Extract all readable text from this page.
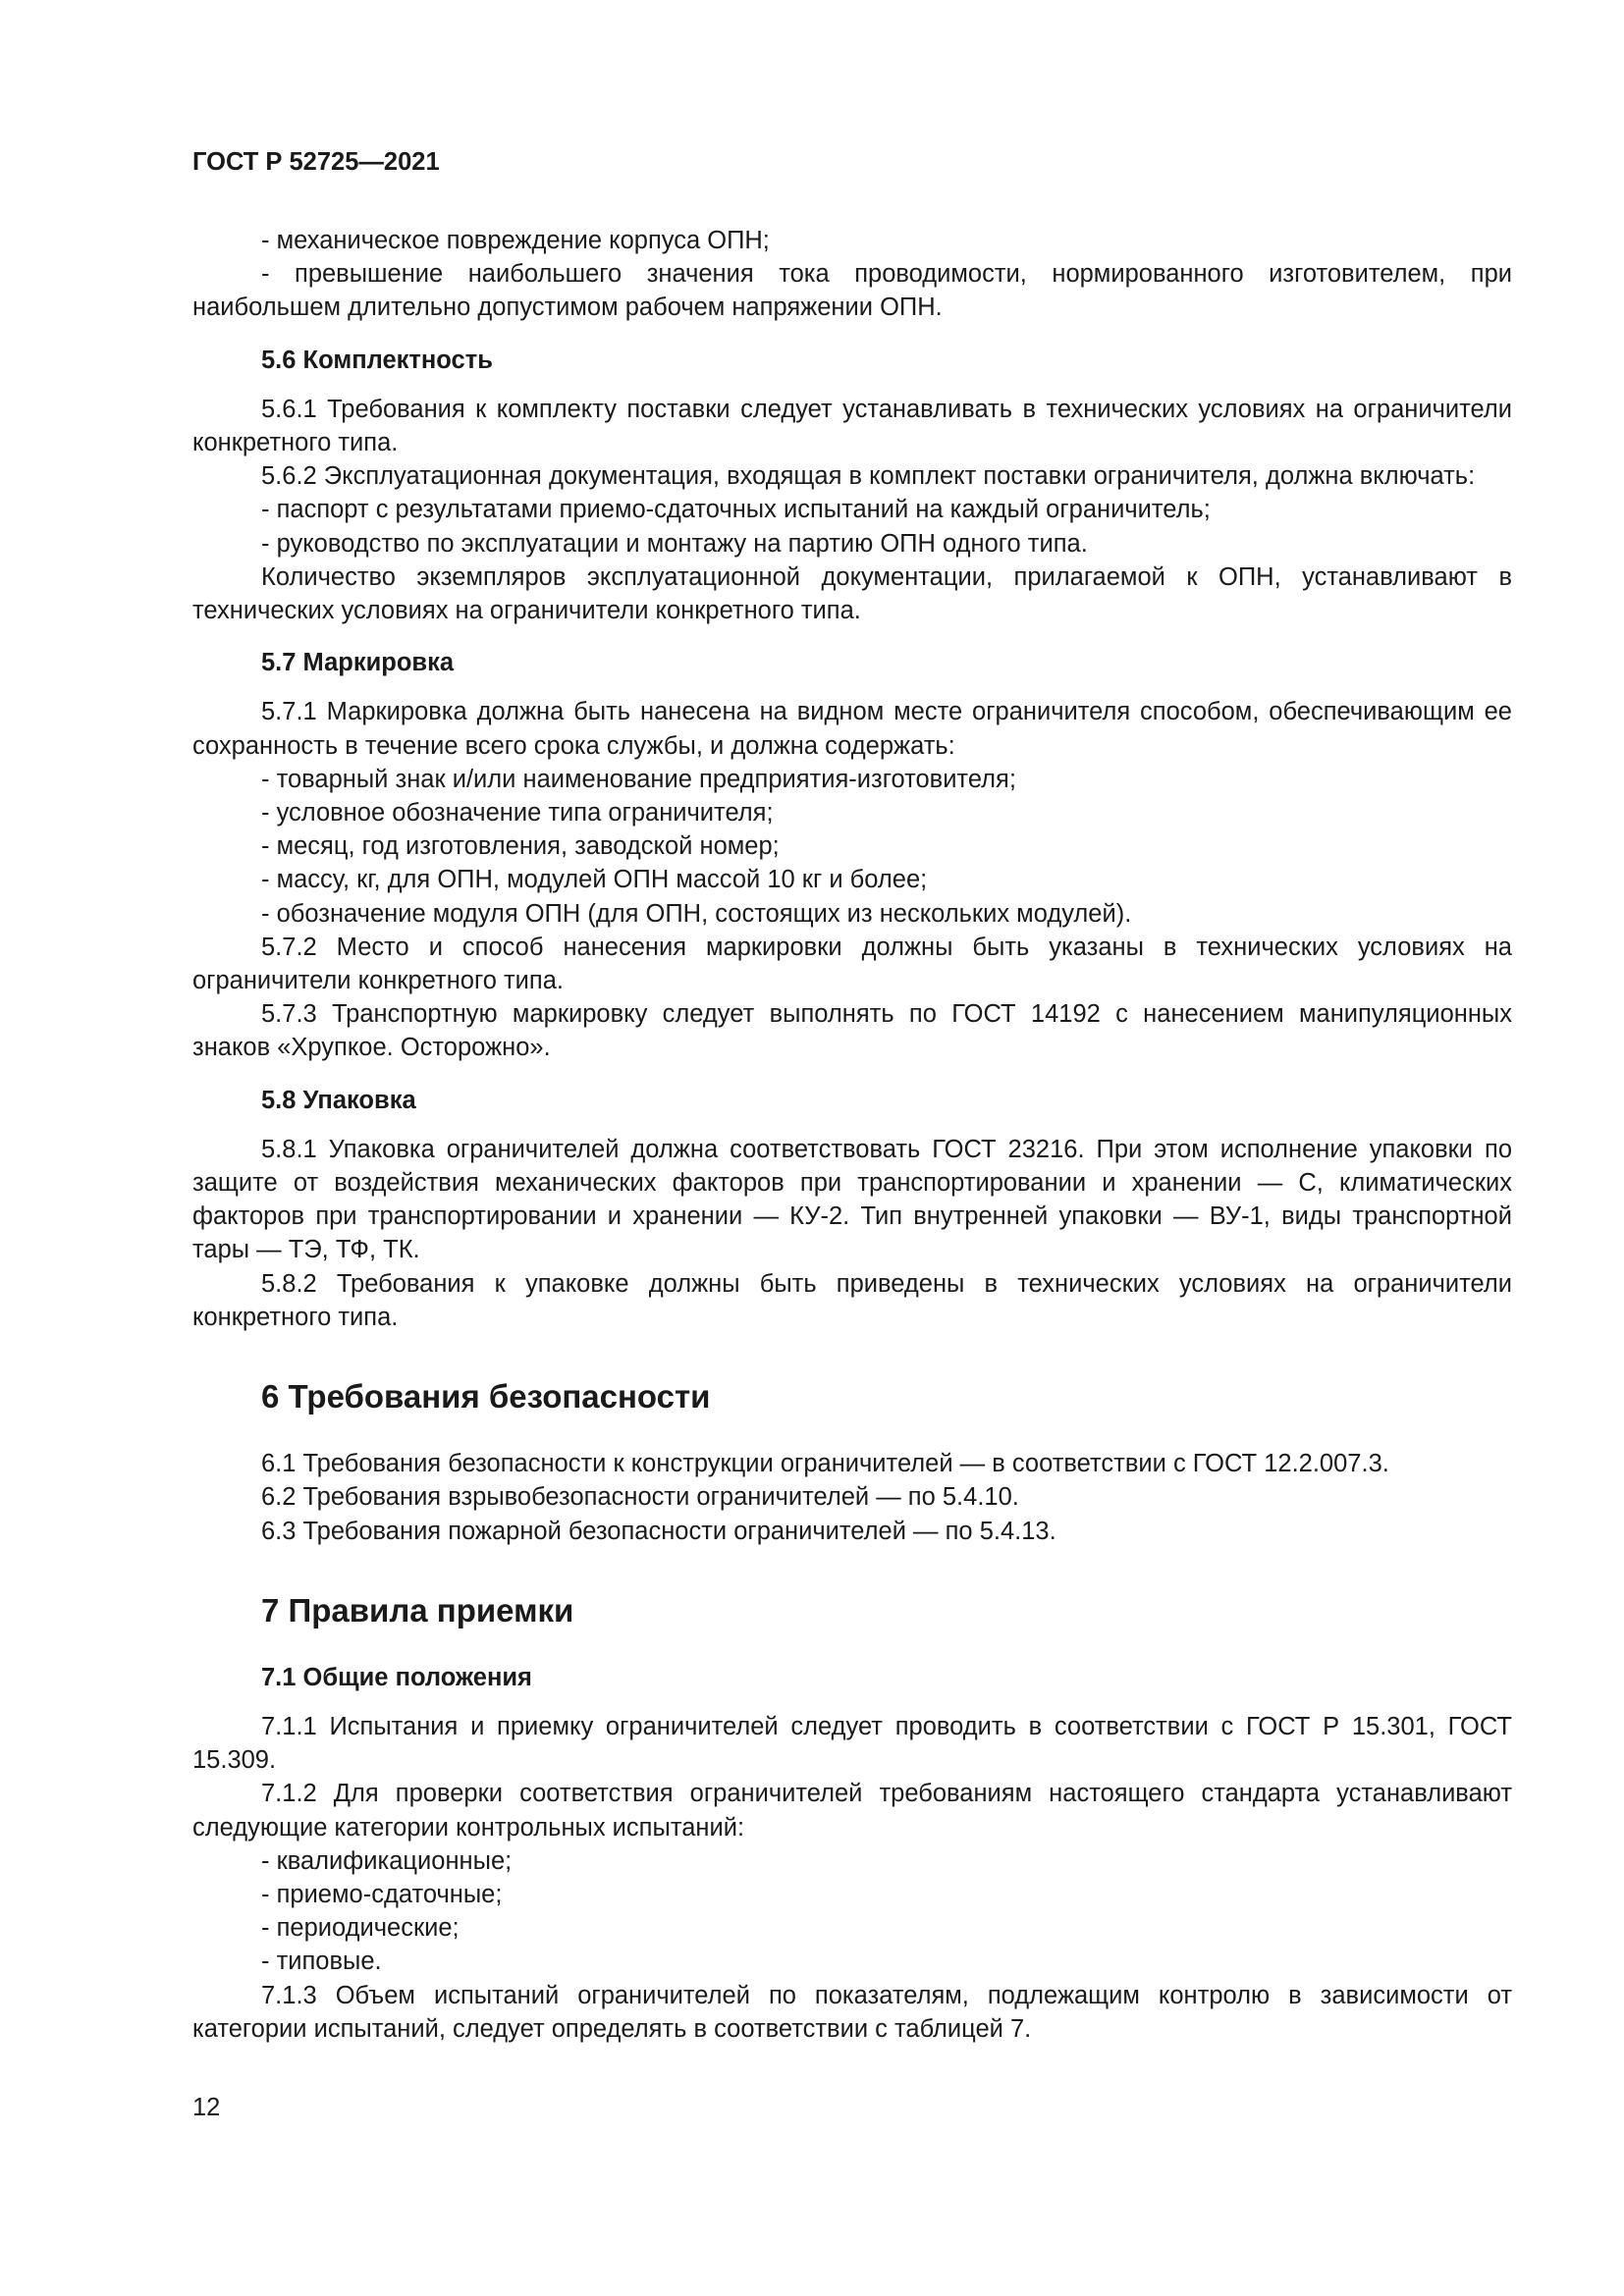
ГОСТ Р 52725—2021
- механическое повреждение корпуса ОПН;
- превышение наибольшего значения тока проводимости, нормированного изготовителем, при наибольшем длительно допустимом рабочем напряжении ОПН.
5.6 Комплектность
5.6.1 Требования к комплекту поставки следует устанавливать в технических условиях на ограничители конкретного типа.
5.6.2 Эксплуатационная документация, входящая в комплект поставки ограничителя, должна включать:
- паспорт с результатами приемо-сдаточных испытаний на каждый ограничитель;
- руководство по эксплуатации и монтажу на партию ОПН одного типа.
Количество экземпляров эксплуатационной документации, прилагаемой к ОПН, устанавливают в технических условиях на ограничители конкретного типа.
5.7 Маркировка
5.7.1 Маркировка должна быть нанесена на видном месте ограничителя способом, обеспечивающим ее сохранность в течение всего срока службы, и должна содержать:
- товарный знак и/или наименование предприятия-изготовителя;
- условное обозначение типа ограничителя;
- месяц, год изготовления, заводской номер;
- массу, кг, для ОПН, модулей ОПН массой 10 кг и более;
- обозначение модуля ОПН (для ОПН, состоящих из нескольких модулей).
5.7.2 Место и способ нанесения маркировки должны быть указаны в технических условиях на ограничители конкретного типа.
5.7.3 Транспортную маркировку следует выполнять по ГОСТ 14192 с нанесением манипуляционных знаков «Хрупкое. Осторожно».
5.8 Упаковка
5.8.1 Упаковка ограничителей должна соответствовать ГОСТ 23216. При этом исполнение упаковки по защите от воздействия механических факторов при транспортировании и хранении — С, климатических факторов при транспортировании и хранении — КУ-2. Тип внутренней упаковки — ВУ-1, виды транспортной тары — ТЭ, ТФ, ТК.
5.8.2 Требования к упаковке должны быть приведены в технических условиях на ограничители конкретного типа.
6 Требования безопасности
6.1 Требования безопасности к конструкции ограничителей — в соответствии с ГОСТ 12.2.007.3.
6.2 Требования взрывобезопасности ограничителей — по 5.4.10.
6.3 Требования пожарной безопасности ограничителей — по 5.4.13.
7 Правила приемки
7.1 Общие положения
7.1.1 Испытания и приемку ограничителей следует проводить в соответствии с ГОСТ Р 15.301, ГОСТ 15.309.
7.1.2 Для проверки соответствия ограничителей требованиям настоящего стандарта устанавливают следующие категории контрольных испытаний:
- квалификационные;
- приемо-сдаточные;
- периодические;
- типовые.
7.1.3 Объем испытаний ограничителей по показателям, подлежащим контролю в зависимости от категории испытаний, следует определять в соответствии с таблицей 7.
12
